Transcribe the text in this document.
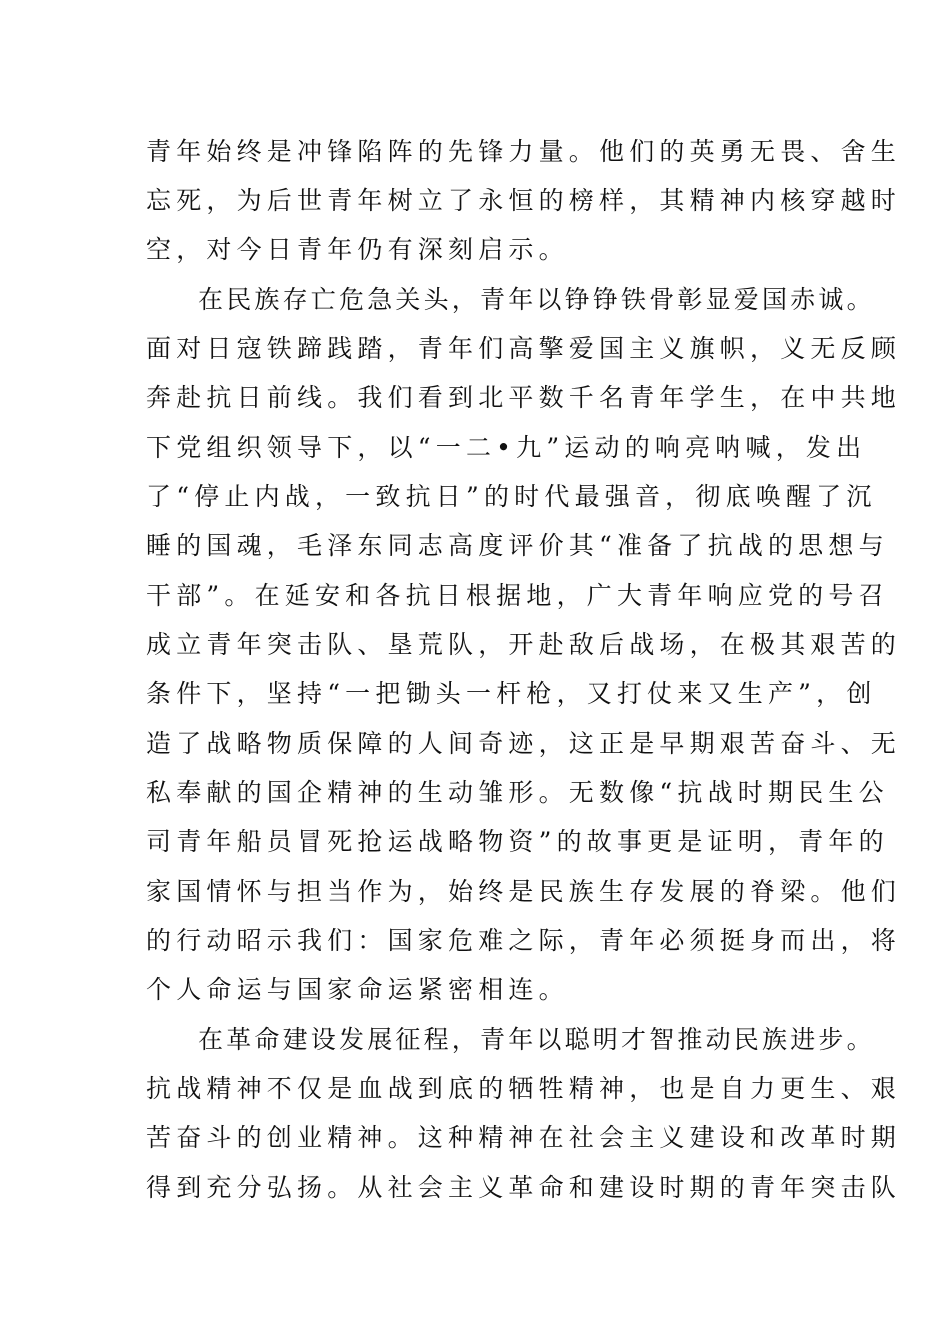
青年始终是冲锋陷阵的先锋力量。他们的英勇无畏、舍生
忘死，为后世青年树立了永恒的榜样，其精神内核穿越时
空，对今日青年仍有深刻启示。
在民族存亡危急关头，青年以铮铮铁骨彰显爱国赤诚。
面对日寇铁蹄践踏，青年们高擎爱国主义旗帜，义无反顾
奔赴抗日前线。我们看到北平数千名青年学生，在中共地
下党组织领导下，以“一二•九”运动的响亮呐喊，发出
了“停止内战，一致抗日”的时代最强音，彻底唤醒了沉
睡的国魂，毛泽东同志高度评价其“准备了抗战的思想与
干部”。在延安和各抗日根据地，广大青年响应党的号召
成立青年突击队、垦荒队，开赴敌后战场，在极其艰苦的
条件下，坚持“一把锄头一杆枪，又打仗来又生产”，创
造了战略物质保障的人间奇迹，这正是早期艰苦奋斗、无
私奉献的国企精神的生动雏形。无数像“抗战时期民生公
司青年船员冒死抢运战略物资”的故事更是证明，青年的
家国情怀与担当作为，始终是民族生存发展的脊梁。他们
的行动昭示我们：国家危难之际，青年必须挺身而出，将
个人命运与国家命运紧密相连。
在革命建设发展征程，青年以聪明才智推动民族进步。
抗战精神不仅是血战到底的牺牲精神，也是自力更生、艰
苦奋斗的创业精神。这种精神在社会主义建设和改革时期
得到充分弘扬。从社会主义革命和建设时期的青年突击队
